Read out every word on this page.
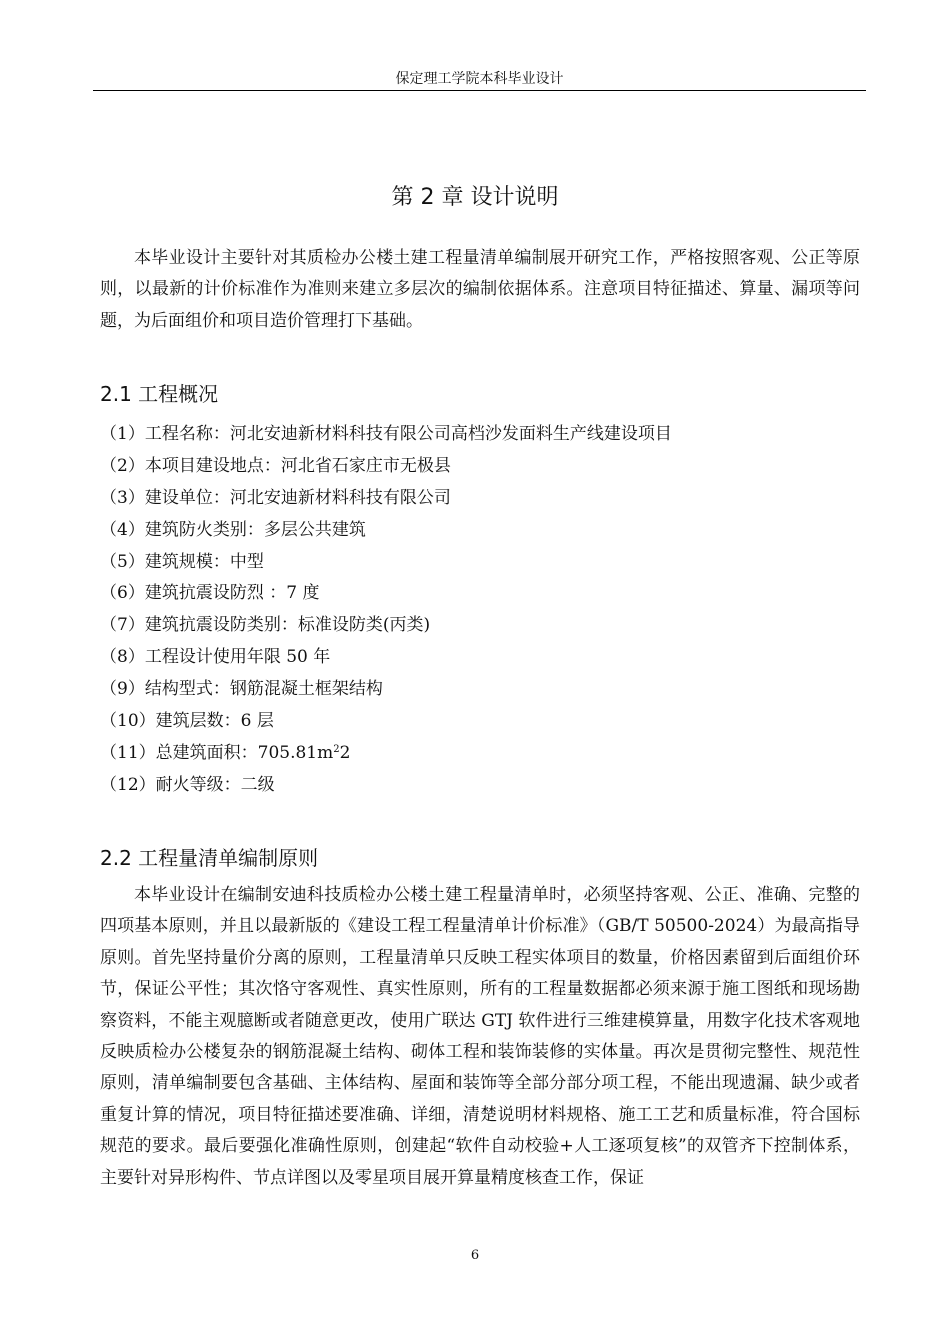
保定理工学院本科毕业设计
第 2 章 设计说明
本毕业设计主要针对其质检办公楼土建工程量清单编制展开研究工作，严格按照客观、公正等原则，以最新的计价标准作为准则来建立多层次的编制依据体系。注意项目特征描述、算量、漏项等问题，为后面组价和项目造价管理打下基础。
2.1 工程概况
（1）工程名称：河北安迪新材料科技有限公司高档沙发面料生产线建设项目
（2）本项目建设地点：河北省石家庄市无极县
（3）建设单位：河北安迪新材料科技有限公司
（4）建筑防火类别：多层公共建筑
（5）建筑规模：中型
（6）建筑抗震设防烈 ：7 度
（7）建筑抗震设防类别：标准设防类(丙类)
（8）工程设计使用年限 50 年
（9）结构型式：钢筋混凝土框架结构
（10）建筑层数：6 层
（11）总建筑面积：$705.81m^22$
（12）耐火等级：二级
2.2 工程量清单编制原则
本毕业设计在编制安迪科技质检办公楼土建工程量清单时，必须坚持客观、公正、准确、完整的四项基本原则，并且以最新版的《建设工程工程量清单计价标准》（GB/T 50500-2024）为最高指导原则。首先坚持量价分离的原则，工程量清单只反映工程实体项目的数量，价格因素留到后面组价环节，保证公平性；其次恪守客观性、真实性原则，所有的工程量数据都必须来源于施工图纸和现场勘察资料，不能主观臆断或者随意更改，使用广联达 GTJ 软件进行三维建模算量，用数字化技术客观地反映质检办公楼复杂的钢筋混凝土结构、砌体工程和装饰装修的实体量。再次是贯彻完整性、规范性原则，清单编制要包含基础、主体结构、屋面和装饰等全部分部分项工程，不能出现遗漏、缺少或者重复计算的情况，项目特征描述要准确、详细，清楚说明材料规格、施工工艺和质量标准，符合国标规范的要求。最后要强化准确性原则，创建起“软件自动校验+人工逐项复核”的双管齐下控制体系，主要针对异形构件、节点详图以及零星项目展开算量精度核查工作，保证
6
